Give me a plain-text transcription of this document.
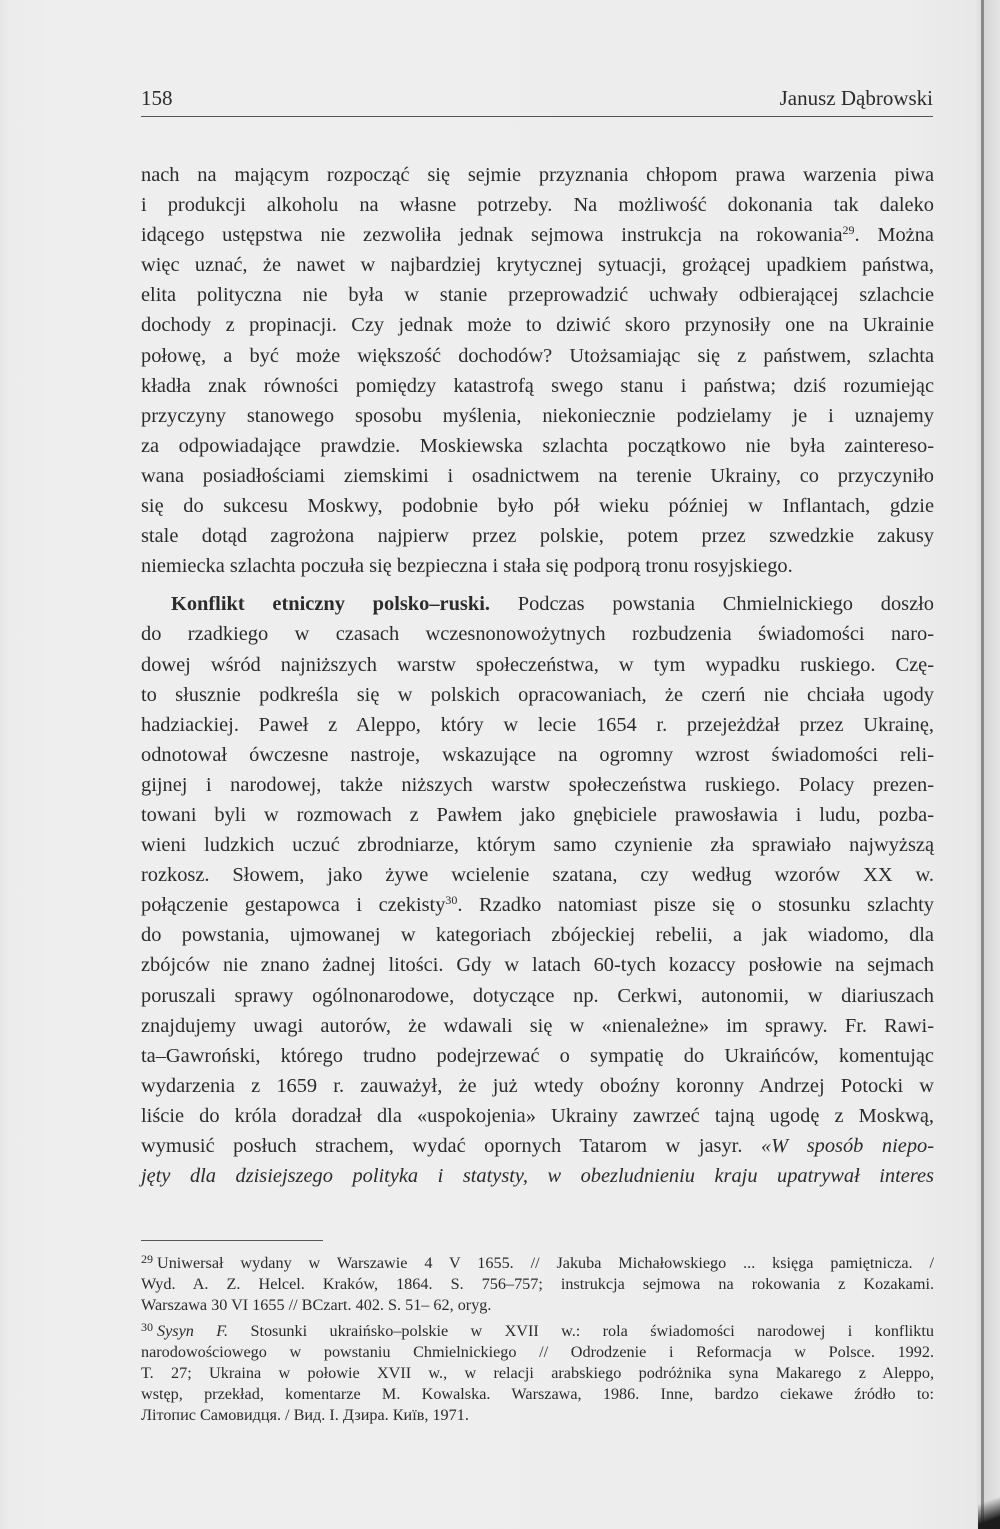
158	Janusz Dąbrowski

nach na mającym rozpocząć się sejmie przyznania chłopom prawa warzenia piwa
i produkcji alkoholu na własne potrzeby. Na możliwość dokonania tak daleko
idącego ustępstwa nie zezwoliła jednak sejmowa instrukcja na rokowania$^{29}$. Można
więc uznać, że nawet w najbardziej krytycznej sytuacji, grożącej upadkiem państwa,
elita polityczna nie była w stanie przeprowadzić uchwały odbierającej szlachcie
dochody z propinacji. Czy jednak może to dziwić skoro przynosiły one na Ukrainie
połowę, a być może większość dochodów? Utożsamiając się z państwem, szlachta
kładła znak równości pomiędzy katastrofą swego stanu i państwa; dziś rozumiejąc
przyczyny stanowego sposobu myślenia, niekoniecznie podzielamy je i uznajemy
za odpowiadające prawdzie. Moskiewska szlachta początkowo nie była zaintereso-
wana posiadłościami ziemskimi i osadnictwem na terenie Ukrainy, co przyczyniło
się do sukcesu Moskwy, podobnie było pół wieku później w Inflantach, gdzie
stale dotąd zagrożona najpierw przez polskie, potem przez szwedzkie zakusy
niemiecka szlachta poczuła się bezpieczna i stała się podporą tronu rosyjskiego.

Konflikt etniczny polsko–ruski. Podczas powstania Chmielnickiego doszło
do rzadkiego w czasach wczesnonowożytnych rozbudzenia świadomości naro-
dowej wśród najniższych warstw społeczeństwa, w tym wypadku ruskiego. Czę-
to słusznie podkreśla się w polskich opracowaniach, że czerń nie chciała ugody
hadziackiej. Paweł z Aleppo, który w lecie 1654 r. przejeżdżał przez Ukrainę,
odnotował ówczesne nastroje, wskazujące na ogromny wzrost świadomości reli-
gijnej i narodowej, także niższych warstw społeczeństwa ruskiego. Polacy prezen-
towani byli w rozmowach z Pawłem jako gnębiciele prawosławia i ludu, pozba-
wieni ludzkich uczuć zbrodniarze, którym samo czynienie zła sprawiało najwyższą
rozkosz. Słowem, jako żywe wcielenie szatana, czy według wzorów XX w.
połączenie gestapowca i czekisty$^{30}$. Rzadko natomiast pisze się o stosunku szlachty
do powstania, ujmowanej w kategoriach zbójeckiej rebelii, a jak wiadomo, dla
zbójców nie znano żadnej litości. Gdy w latach 60-tych kozaccy posłowie na sejmach
poruszali sprawy ogólnonarodowe, dotyczące np. Cerkwi, autonomii, w diariuszach
znajdujemy uwagi autorów, że wdawali się w «nienależne» im sprawy. Fr. Rawi-
ta–Gawroński, którego trudno podejrzewać o sympatię do Ukraińców, komentując
wydarzenia z 1659 r. zauważył, że już wtedy oboźny koronny Andrzej Potocki w
liście do króla doradzał dla «uspokojenia» Ukrainy zawrzeć tajną ugodę z Moskwą,
wymusić posłuch strachem, wydać opornych Tatarom w jasyr. «W sposób niepo-
jęty dla dzisiejszego polityka i statysty, w obezludnieniu kraju upatrywał interes

$^{29}$ Uniwersał wydany w Warszawie 4 V 1655. // Jakuba Michałowskiego ... księga pamiętnicza. /
Wyd. A. Z. Helcel. Kraków, 1864. S. 756–757; instrukcja sejmowa na rokowania z Kozakami.
Warszawa 30 VI 1655 // BCzart. 402. S. 51– 62, oryg.
$^{30}$ Sysyn F. Stosunki ukraińsko–polskie w XVII w.: rola świadomości narodowej i konfliktu
narodowościowego w powstaniu Chmielnickiego // Odrodzenie i Reformacja w Polsce. 1992.
T. 27; Ukraina w połowie XVII w., w relacji arabskiego podróżnika syna Makarego z Aleppo,
wstęp, przekład, komentarze M. Kowalska. Warszawa, 1986. Inne, bardzo ciekawe źródło to:
Літопис Самовидця. / Вид. І. Дзира. Київ, 1971.
